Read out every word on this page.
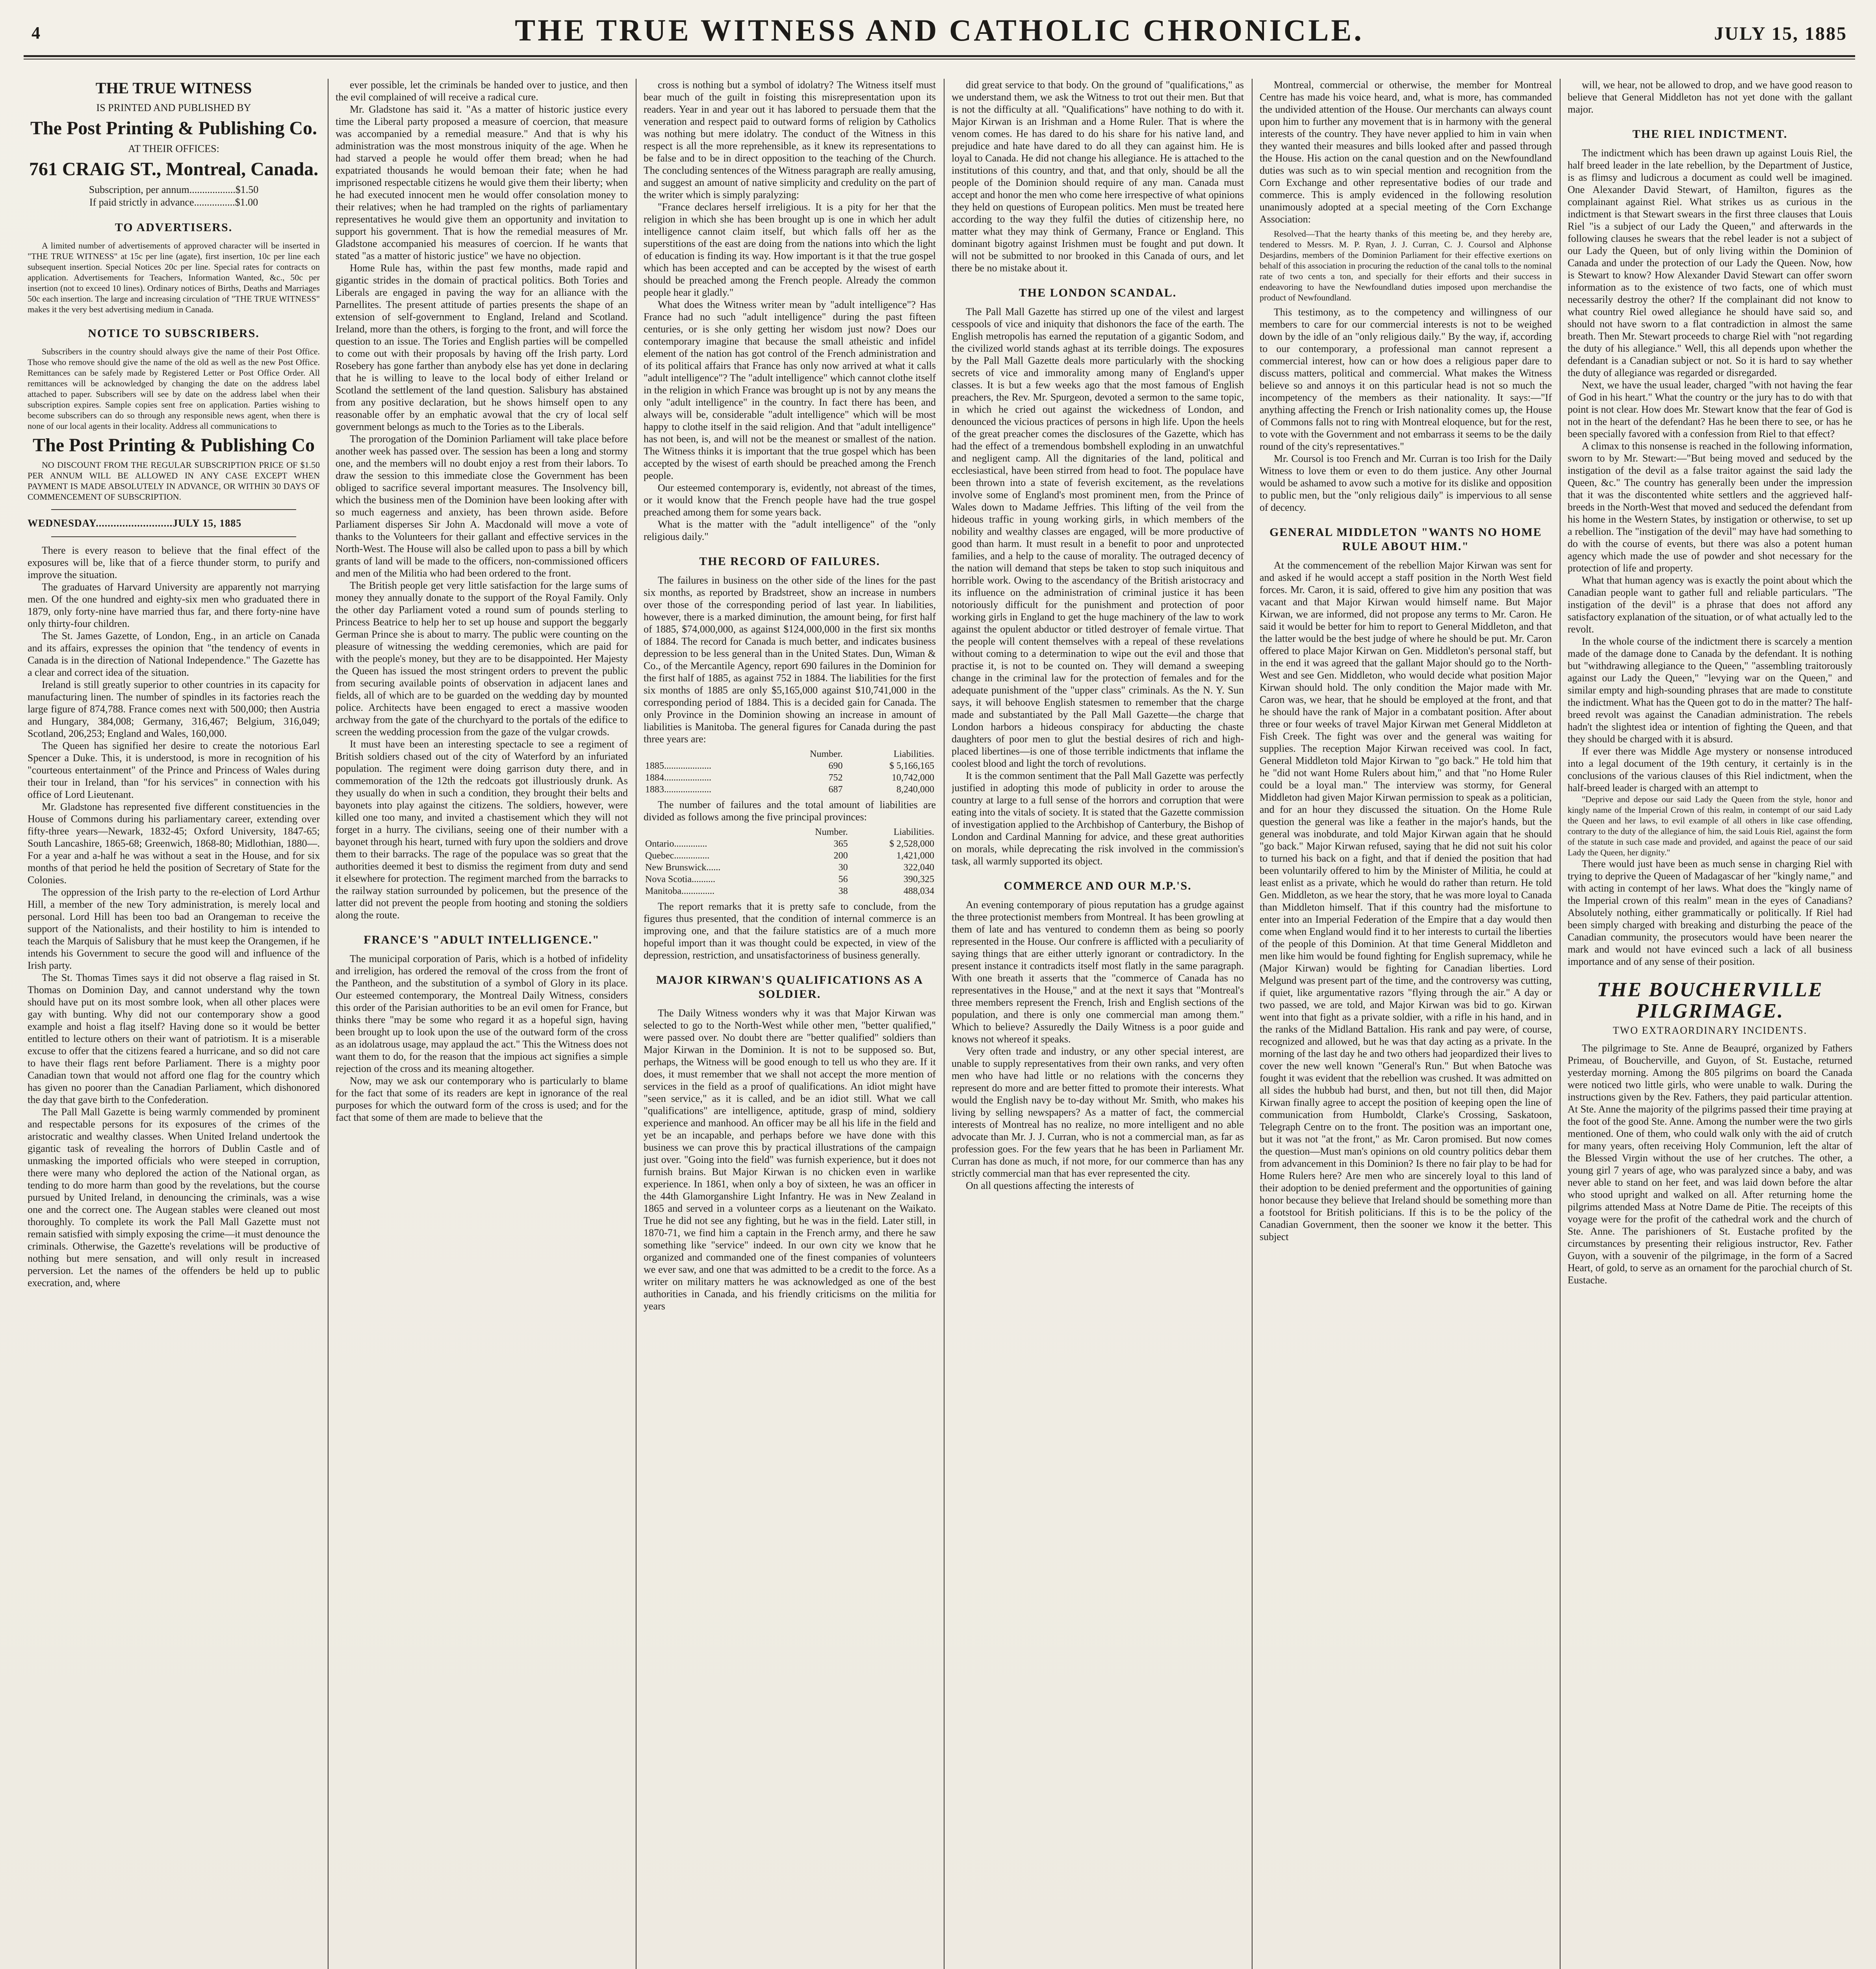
4	THE TRUE WITNESS AND CATHOLIC CHRONICLE.	JULY 15, 1885
THE TRUE WITNESS
IS PRINTED AND PUBLISHED BY
The Post Printing & Publishing Co.
AT THEIR OFFICES:
761 CRAIG ST., Montreal, Canada.
Subscription, per annum..................$1.50
If paid strictly in advance................$1.00
TO ADVERTISERS.

A limited number of advertisements of approved character will be inserted in "THE TRUE WITNESS" at 15c per line (agate), first insertion, 10c per line each subsequent insertion. Special Notices 20c per line. Special rates for contracts on application. Advertisements for Teachers, Information Wanted, &c., 50c per insertion (not to exceed 10 lines). Ordinary notices of Births, Deaths and Marriages 50c each insertion. The large and increasing circulation of "THE TRUE WITNESS" makes it the very best advertising medium in Canada.

NOTICE TO SUBSCRIBERS.

Subscribers in the country should always give the name of their Post Office. Those who remove should give the name of the old as well as the new Post Office. Remittances can be safely made by Registered Letter or Post Office Order. All remittances will be acknowledged by changing the date on the address label attached to paper. Subscribers will see by date on the address label when their subscription expires. Sample copies sent free on application. Parties wishing to become subscribers can do so through any responsible news agent, when there is none of our local agents in their locality. Address all communications to

The Post Printing & Publishing Co

NO DISCOUNT FROM THE REGULAR SUBSCRIPTION PRICE OF $1.50 PER ANNUM WILL BE ALLOWED IN ANY CASE EXCEPT WHEN PAYMENT IS MADE ABSOLUTELY IN ADVANCE, OR WITHIN 30 DAYS OF COMMENCEMENT OF SUBSCRIPTION.

WEDNESDAY..........................JULY 15, 1885

There is every reason to believe that the final effect of the exposures will be, like that of a fierce thunder storm, to purify and improve the situation.

The graduates of Harvard University are apparently not marrying men. Of the one hundred and eighty-six men who graduated there in 1879, only forty-nine have married thus far, and there forty-nine have only thirty-four children.

The St. James Gazette, of London, Eng., in an article on Canada and its affairs, expresses the opinion that "the tendency of events in Canada is in the direction of National Independence." The Gazette has a clear and correct idea of the situation.

Ireland is still greatly superior to other countries in its capacity for manufacturing linen. The number of spindles in its factories reach the large figure of 874,788. France comes next with 500,000; then Austria and Hungary, 384,008; Germany, 316,467; Belgium, 316,049; Scotland, 206,253; England and Wales, 160,000.

The Queen has signified her desire to create the notorious Earl Spencer a Duke. This, it is understood, is more in recognition of his "courteous entertainment" of the Prince and Princess of Wales during their tour in Ireland, than "for his services" in connection with his office of Lord Lieutenant.

Mr. Gladstone has represented five different constituencies in the House of Commons during his parliamentary career, extending over fifty-three years—Newark, 1832-45; Oxford University, 1847-65; South Lancashire, 1865-68; Greenwich, 1868-80; Midlothian, 1880—. For a year and a-half he was without a seat in the House, and for six months of that period he held the position of Secretary of State for the Colonies.

The oppression of the Irish party to the re-election of Lord Arthur Hill, a member of the new Tory administration, is merely local and personal. Lord Hill has been too bad an Orangeman to receive the support of the Nationalists, and their hostility to him is intended to teach the Marquis of Salisbury that he must keep the Orangemen, if he intends his Government to secure the good will and influence of the Irish party.

The St. Thomas Times says it did not observe a flag raised in St. Thomas on Dominion Day, and cannot understand why the town should have put on its most sombre look, when all other places were gay with bunting. Why did not our contemporary show a good example and hoist a flag itself? Having done so it would be better entitled to lecture others on their want of patriotism. It is a miserable excuse to offer that the citizens feared a hurricane, and so did not care to have their flags rent before Parliament. There is a mighty poor Canadian town that would not afford one flag for the country which has given no poorer than the Canadian Parliament, which dishonored the day that gave birth to the Confederation.

The Pall Mall Gazette is being warmly commended by prominent and respectable persons for its exposures of the crimes of the aristocratic and wealthy classes. When United Ireland undertook the gigantic task of revealing the horrors of Dublin Castle and of unmasking the imported officials who were steeped in corruption, there were many who deplored the action of the National organ, as tending to do more harm than good by the revelations, but the course pursued by United Ireland, in denouncing the criminals, was a wise one and the correct one. The Augean stables were cleaned out most thoroughly. To complete its work the Pall Mall Gazette must not remain satisfied with simply exposing the crime—it must denounce the criminals. Otherwise, the Gazette's revelations will be productive of nothing but mere sensation, and will only result in increased perversion. Let the names of the offenders be held up to public execration, and, where

ever possible, let the criminals be handed over to justice, and then the evil complained of will receive a radical cure.

Mr. Gladstone has said it. "As a matter of historic justice every time the Liberal party proposed a measure of coercion, that measure was accompanied by a remedial measure." And that is why his administration was the most monstrous iniquity of the age. When he had starved a people he would offer them bread; when he had expatriated thousands he would bemoan their fate; when he had imprisoned respectable citizens he would give them their liberty; when he had executed innocent men he would offer consolation money to their relatives; when he had trampled on the rights of parliamentary representatives he would give them an opportunity and invitation to support his government. That is how the remedial measures of Mr. Gladstone accompanied his measures of coercion. If he wants that stated "as a matter of historic justice" we have no objection.

Home Rule has, within the past few months, made rapid and gigantic strides in the domain of practical politics. Both Tories and Liberals are engaged in paving the way for an alliance with the Parnellites. The present attitude of parties presents the shape of an extension of self-government to England, Ireland and Scotland. Ireland, more than the others, is forging to the front, and will force the question to an issue. The Tories and English parties will be compelled to come out with their proposals by having off the Irish party. Lord Rosebery has gone farther than anybody else has yet done in declaring that he is willing to leave to the local body of either Ireland or Scotland the settlement of the land question. Salisbury has abstained from any positive declaration, but he shows himself open to any reasonable offer by an emphatic avowal that the cry of local self government belongs as much to the Tories as to the Liberals.

The prorogation of the Dominion Parliament will take place before another week has passed over. The session has been a long and stormy one, and the members will no doubt enjoy a rest from their labors. To draw the session to this immediate close the Government has been obliged to sacrifice several important measures. The Insolvency bill, which the business men of the Dominion have been looking after with so much eagerness and anxiety, has been thrown aside. Before Parliament disperses Sir John A. Macdonald will move a vote of thanks to the Volunteers for their gallant and effective services in the North-West. The House will also be called upon to pass a bill by which grants of land will be made to the officers, non-commissioned officers and men of the Militia who had been ordered to the front.

The British people get very little satisfaction for the large sums of money they annually donate to the support of the Royal Family. Only the other day Parliament voted a round sum of pounds sterling to Princess Beatrice to help her to set up house and support the beggarly German Prince she is about to marry. The public were counting on the pleasure of witnessing the wedding ceremonies, which are paid for with the people's money, but they are to be disappointed. Her Majesty the Queen has issued the most stringent orders to prevent the public from securing available points of observation in adjacent lanes and fields, all of which are to be guarded on the wedding day by mounted police. Architects have been engaged to erect a massive wooden archway from the gate of the churchyard to the portals of the edifice to screen the wedding procession from the gaze of the vulgar crowds.

It must have been an interesting spectacle to see a regiment of British soldiers chased out of the city of Waterford by an infuriated population. The regiment were doing garrison duty there, and in commemoration of the 12th the redcoats got illustriously drunk. As they usually do when in such a condition, they brought their belts and bayonets into play against the citizens. The soldiers, however, were killed one too many, and invited a chastisement which they will not forget in a hurry. The civilians, seeing one of their number with a bayonet through his heart, turned with fury upon the soldiers and drove them to their barracks. The rage of the populace was so great that the authorities deemed it best to dismiss the regiment from duty and send it elsewhere for protection. The regiment marched from the barracks to the railway station surrounded by policemen, but the presence of the latter did not prevent the people from hooting and stoning the soldiers along the route.

FRANCE'S "ADULT INTELLIGENCE."

The municipal corporation of Paris, which is a hotbed of infidelity and irreligion, has ordered the removal of the cross from the front of the Pantheon, and the substitution of a symbol of Glory in its place. Our esteemed contemporary, the Montreal Daily Witness, considers this order of the Parisian authorities to be an evil omen for France, but thinks there "may be some who regard it as a hopeful sign, having been brought up to look upon the use of the outward form of the cross as an idolatrous usage, may applaud the act." This the Witness does not want them to do, for the reason that the impious act signifies a simple rejection of the cross and its meaning altogether.

Now, may we ask our contemporary who is particularly to blame for the fact that some of its readers are kept in ignorance of the real purposes for which the outward form of the cross is used; and for the fact that some of them are made to believe that the

cross is nothing but a symbol of idolatry? The Witness itself must bear much of the guilt in foisting this misrepresentation upon its readers. Year in and year out it has labored to persuade them that the veneration and respect paid to outward forms of religion by Catholics was nothing but mere idolatry. The conduct of the Witness in this respect is all the more reprehensible, as it knew its representations to be false and to be in direct opposition to the teaching of the Church. The concluding sentences of the Witness paragraph are really amusing, and suggest an amount of native simplicity and credulity on the part of the writer which is simply paralyzing:

"France declares herself irreligious. It is a pity for her that the religion in which she has been brought up is one in which her adult intelligence cannot claim itself, but which falls off her as the superstitions of the east are doing from the nations into which the light of education is finding its way. How important is it that the true gospel which has been accepted and can be accepted by the wisest of earth should be preached among the French people. Already the common people hear it gladly."

What does the Witness writer mean by "adult intelligence"? Has France had no such "adult intelligence" during the past fifteen centuries, or is she only getting her wisdom just now? Does our contemporary imagine that because the small atheistic and infidel element of the nation has got control of the French administration and of its political affairs that France has only now arrived at what it calls "adult intelligence"? The "adult intelligence" which cannot clothe itself in the religion in which France was brought up is not by any means the only "adult intelligence" in the country. In fact there has been, and always will be, considerable "adult intelligence" which will be most happy to clothe itself in the said religion. And that "adult intelligence" has not been, is, and will not be the meanest or smallest of the nation. The Witness thinks it is important that the true gospel which has been accepted by the wisest of earth should be preached among the French people.

Our esteemed contemporary is, evidently, not abreast of the times, or it would know that the French people have had the true gospel preached among them for some years back.

What is the matter with the "adult intelligence" of the "only religious daily."

THE RECORD OF FAILURES.

The failures in business on the other side of the lines for the past six months, as reported by Bradstreet, show an increase in numbers over those of the corresponding period of last year. In liabilities, however, there is a marked diminution, the amount being, for first half of 1885, $74,000,000, as against $124,000,000 in the first six months of 1884. The record for Canada is much better, and indicates business depression to be less general than in the United States. Dun, Wiman & Co., of the Mercantile Agency, report 690 failures in the Dominion for the first half of 1885, as against 752 in 1884. The liabilities for the first six months of 1885 are only $5,165,000 against $10,741,000 in the corresponding period of 1884. This is a decided gain for Canada. The only Province in the Dominion showing an increase in amount of liabilities is Manitoba. The general figures for Canada during the past three years are:

	Number.	Liabilities.
1885....................	690	$ 5,166,165
1884....................	752	10,742,000
1883....................	687	8,240,000

The number of failures and the total amount of liabilities are divided as follows among the five principal provinces:

	Number.	Liabilities.
Ontario..............	365	$ 2,528,000
Quebec...............	200	1,421,000
New Brunswick......	30	322,040
Nova Scotia..........	56	390,325
Manitoba..............	38	488,034

The report remarks that it is pretty safe to conclude, from the figures thus presented, that the condition of internal commerce is an improving one, and that the failure statistics are of a much more hopeful import than it was thought could be expected, in view of the depression, restriction, and unsatisfactoriness of business generally.

MAJOR KIRWAN'S QUALIFICATIONS AS A SOLDIER.

The Daily Witness wonders why it was that Major Kirwan was selected to go to the North-West while other men, "better qualified," were passed over. No doubt there are "better qualified" soldiers than Major Kirwan in the Dominion. It is not to be supposed so. But, perhaps, the Witness will be good enough to tell us who they are. If it does, it must remember that we shall not accept the more mention of services in the field as a proof of qualifications. An idiot might have "seen service," as it is called, and be an idiot still. What we call "qualifications" are intelligence, aptitude, grasp of mind, soldiery experience and manhood. An officer may be all his life in the field and yet be an incapable, and perhaps before we have done with this business we can prove this by practical illustrations of the campaign just over. "Going into the field" was furnish experience, but it does not furnish brains. But Major Kirwan is no chicken even in warlike experience. In 1861, when only a boy of sixteen, he was an officer in the 44th Glamorganshire Light Infantry. He was in New Zealand in 1865 and served in a volunteer corps as a lieutenant on the Waikato. True he did not see any fighting, but he was in the field. Later still, in 1870-71, we find him a captain in the French army, and there he saw something like "service" indeed. In our own city we know that he organized and commanded one of the finest companies of volunteers we ever saw, and one that was admitted to be a credit to the force. As a writer on military matters he was acknowledged as one of the best authorities in Canada, and his friendly criticisms on the militia for years

did great service to that body. On the ground of "qualifications," as we understand them, we ask the Witness to trot out their men. But that is not the difficulty at all. "Qualifications" have nothing to do with it. Major Kirwan is an Irishman and a Home Ruler. That is where the venom comes. He has dared to do his share for his native land, and prejudice and hate have dared to do all they can against him. He is loyal to Canada. He did not change his allegiance. He is attached to the institutions of this country, and that, and that only, should be all the people of the Dominion should require of any man. Canada must accept and honor the men who come here irrespective of what opinions they held on questions of European politics. Men must be treated here according to the way they fulfil the duties of citizenship here, no matter what they may think of Germany, France or England. This dominant bigotry against Irishmen must be fought and put down. It will not be submitted to nor brooked in this Canada of ours, and let there be no mistake about it.

THE LONDON SCANDAL.

The Pall Mall Gazette has stirred up one of the vilest and largest cesspools of vice and iniquity that dishonors the face of the earth. The English metropolis has earned the reputation of a gigantic Sodom, and the civilized world stands aghast at its terrible doings. The exposures by the Pall Mall Gazette deals more particularly with the shocking secrets of vice and immorality among many of England's upper classes. It is but a few weeks ago that the most famous of English preachers, the Rev. Mr. Spurgeon, devoted a sermon to the same topic, in which he cried out against the wickedness of London, and denounced the vicious practices of persons in high life. Upon the heels of the great preacher comes the disclosures of the Gazette, which has had the effect of a tremendous bombshell exploding in an unwatchful and negligent camp. All the dignitaries of the land, political and ecclesiastical, have been stirred from head to foot. The populace have been thrown into a state of feverish excitement, as the revelations involve some of England's most prominent men, from the Prince of Wales down to Madame Jeffries. This lifting of the veil from the hideous traffic in young working girls, in which members of the nobility and wealthy classes are engaged, will be more productive of good than harm. It must result in a benefit to poor and unprotected families, and a help to the cause of morality. The outraged decency of the nation will demand that steps be taken to stop such iniquitous and horrible work. Owing to the ascendancy of the British aristocracy and its influence on the administration of criminal justice it has been notoriously difficult for the punishment and protection of poor working girls in England to get the huge machinery of the law to work against the opulent abductor or titled destroyer of female virtue. That the people will content themselves with a repeal of these revelations without coming to a determination to wipe out the evil and those that practise it, is not to be counted on. They will demand a sweeping change in the criminal law for the protection of females and for the adequate punishment of the "upper class" criminals. As the N. Y. Sun says, it will behoove English statesmen to remember that the charge made and substantiated by the Pall Mall Gazette—the charge that London harbors a hideous conspiracy for abducting the chaste daughters of poor men to glut the bestial desires of rich and high-placed libertines—is one of those terrible indictments that inflame the coolest blood and light the torch of revolutions.

It is the common sentiment that the Pall Mall Gazette was perfectly justified in adopting this mode of publicity in order to arouse the country at large to a full sense of the horrors and corruption that were eating into the vitals of society. It is stated that the Gazette commission of investigation applied to the Archbishop of Canterbury, the Bishop of London and Cardinal Manning for advice, and these great authorities on morals, while deprecating the risk involved in the commission's task, all warmly supported its object.

COMMERCE AND OUR M.P.'S.

An evening contemporary of pious reputation has a grudge against the three protectionist members from Montreal. It has been growling at them of late and has ventured to condemn them as being so poorly represented in the House. Our confrere is afflicted with a peculiarity of saying things that are either utterly ignorant or contradictory. In the present instance it contradicts itself most flatly in the same paragraph. With one breath it asserts that the "commerce of Canada has no representatives in the House," and at the next it says that "Montreal's three members represent the French, Irish and English sections of the population, and there is only one commercial man among them." Which to believe? Assuredly the Daily Witness is a poor guide and knows not whereof it speaks.

Very often trade and industry, or any other special interest, are unable to supply representatives from their own ranks, and very often men who have had little or no relations with the concerns they represent do more and are better fitted to promote their interests. What would the English navy be to-day without Mr. Smith, who makes his living by selling newspapers? As a matter of fact, the commercial interests of Montreal has no realize, no more intelligent and no able advocate than Mr. J. J. Curran, who is not a commercial man, as far as profession goes. For the few years that he has been in Parliament Mr. Curran has done as much, if not more, for our commerce than has any strictly commercial man that has ever represented the city.

On all questions affecting the interests of

Montreal, commercial or otherwise, the member for Montreal Centre has made his voice heard, and, what is more, has commanded the undivided attention of the House. Our merchants can always count upon him to further any movement that is in harmony with the general interests of the country. They have never applied to him in vain when they wanted their measures and bills looked after and passed through the House. His action on the canal question and on the Newfoundland duties was such as to win special mention and recognition from the Corn Exchange and other representative bodies of our trade and commerce. This is amply evidenced in the following resolution unanimously adopted at a special meeting of the Corn Exchange Association:

Resolved—That the hearty thanks of this meeting be, and they hereby are, tendered to Messrs. M. P. Ryan, J. J. Curran, C. J. Coursol and Alphonse Desjardins, members of the Dominion Parliament for their effective exertions on behalf of this association in procuring the reduction of the canal tolls to the nominal rate of two cents a ton, and specially for their efforts and their success in endeavoring to have the Newfoundland duties imposed upon merchandise the product of Newfoundland.

This testimony, as to the competency and willingness of our members to care for our commercial interests is not to be weighed down by the idle of an "only religious daily." By the way, if, according to our contemporary, a professional man cannot represent a commercial interest, how can or how does a religious paper dare to discuss matters, political and commercial. What makes the Witness believe so and annoys it on this particular head is not so much the incompetency of the members as their nationality. It says:—"If anything affecting the French or Irish nationality comes up, the House of Commons falls not to ring with Montreal eloquence, but for the rest, to vote with the Government and not embarrass it seems to be the daily round of the city's representatives."

Mr. Coursol is too French and Mr. Curran is too Irish for the Daily Witness to love them or even to do them justice. Any other Journal would be ashamed to avow such a motive for its dislike and opposition to public men, but the "only religious daily" is impervious to all sense of decency.

GENERAL MIDDLETON "WANTS NO HOME RULE ABOUT HIM."

At the commencement of the rebellion Major Kirwan was sent for and asked if he would accept a staff position in the North West field forces. Mr. Caron, it is said, offered to give him any position that was vacant and that Major Kirwan would himself name. But Major Kirwan, we are informed, did not propose any terms to Mr. Caron. He said it would be better for him to report to General Middleton, and that the latter would be the best judge of where he should be put. Mr. Caron offered to place Major Kirwan on Gen. Middleton's personal staff, but in the end it was agreed that the gallant Major should go to the North-West and see Gen. Middleton, who would decide what position Major Kirwan should hold. The only condition the Major made with Mr. Caron was, we hear, that he should be employed at the front, and that he should have the rank of Major in a combatant position. After about three or four weeks of travel Major Kirwan met General Middleton at Fish Creek. The fight was over and the general was waiting for supplies. The reception Major Kirwan received was cool. In fact, General Middleton told Major Kirwan to "go back." He told him that he "did not want Home Rulers about him," and that "no Home Ruler could be a loyal man." The interview was stormy, for General Middleton had given Major Kirwan permission to speak as a politician, and for an hour they discussed the situation. On the Home Rule question the general was like a feather in the major's hands, but the general was inobdurate, and told Major Kirwan again that he should "go back." Major Kirwan refused, saying that he did not suit his color to turned his back on a fight, and that if denied the position that had been voluntarily offered to him by the Minister of Militia, he could at least enlist as a private, which he would do rather than return. He told Gen. Middleton, as we hear the story, that he was more loyal to Canada than Middleton himself. That if this country had the misfortune to enter into an Imperial Federation of the Empire that a day would then come when England would find it to her interests to curtail the liberties of the people of this Dominion. At that time General Middleton and men like him would be found fighting for English supremacy, while he (Major Kirwan) would be fighting for Canadian liberties. Lord Melgund was present part of the time, and the controversy was cutting, if quiet, like argumentative razors "flying through the air." A day or two passed, we are told, and Major Kirwan was bid to go. Kirwan went into that fight as a private soldier, with a rifle in his hand, and in the ranks of the Midland Battalion. His rank and pay were, of course, recognized and allowed, but he was that day acting as a private. In the morning of the last day he and two others had jeopardized their lives to cover the new well known "General's Run." But when Batoche was fought it was evident that the rebellion was crushed. It was admitted on all sides the hubbub had burst, and then, but not till then, did Major Kirwan finally agree to accept the position of keeping open the line of communication from Humboldt, Clarke's Crossing, Saskatoon, Telegraph Centre on to the front. The position was an important one, but it was not "at the front," as Mr. Caron promised. But now comes the question—Must man's opinions on old country politics debar them from advancement in this Dominion? Is there no fair play to be had for Home Rulers here? Are men who are sincerely loyal to this land of their adoption to be denied preferment and the opportunities of gaining honor because they believe that Ireland should be something more than a footstool for British politicians. If this is to be the policy of the Canadian Government, then the sooner we know it the better. This subject

will, we hear, not be allowed to drop, and we have good reason to believe that General Middleton has not yet done with the gallant major.

THE RIEL INDICTMENT.

The indictment which has been drawn up against Louis Riel, the half breed leader in the late rebellion, by the Department of Justice, is as flimsy and ludicrous a document as could well be imagined. One Alexander David Stewart, of Hamilton, figures as the complainant against Riel. What strikes us as curious in the indictment is that Stewart swears in the first three clauses that Louis Riel "is a subject of our Lady the Queen," and afterwards in the following clauses he swears that the rebel leader is not a subject of our Lady the Queen, but of only living within the Dominion of Canada and under the protection of our Lady the Queen. Now, how is Stewart to know? How Alexander David Stewart can offer sworn information as to the existence of two facts, one of which must necessarily destroy the other? If the complainant did not know to what country Riel owed allegiance he should have said so, and should not have sworn to a flat contradiction in almost the same breath. Then Mr. Stewart proceeds to charge Riel with "not regarding the duty of his allegiance." Well, this all depends upon whether the defendant is a Canadian subject or not. So it is hard to say whether the duty of allegiance was regarded or disregarded.

Next, we have the usual leader, charged "with not having the fear of God in his heart." What the country or the jury has to do with that point is not clear. How does Mr. Stewart know that the fear of God is not in the heart of the defendant? Has he been there to see, or has he been specially favored with a confession from Riel to that effect?

A climax to this nonsense is reached in the following information, sworn to by Mr. Stewart:—"But being moved and seduced by the instigation of the devil as a false traitor against the said lady the Queen, &c." The country has generally been under the impression that it was the discontented white settlers and the aggrieved half-breeds in the North-West that moved and seduced the defendant from his home in the Western States, by instigation or otherwise, to set up a rebellion. The "instigation of the devil" may have had something to do with the course of events, but there was also a potent human agency which made the use of powder and shot necessary for the protection of life and property.

What that human agency was is exactly the point about which the Canadian people want to gather full and reliable particulars. "The instigation of the devil" is a phrase that does not afford any satisfactory explanation of the situation, or of what actually led to the revolt.

In the whole course of the indictment there is scarcely a mention made of the damage done to Canada by the defendant. It is nothing but "withdrawing allegiance to the Queen," "assembling traitorously against our Lady the Queen," "levying war on the Queen," and similar empty and high-sounding phrases that are made to constitute the indictment. What has the Queen got to do in the matter? The half-breed revolt was against the Canadian administration. The rebels hadn't the slightest idea or intention of fighting the Queen, and that they should be charged with it is absurd.

If ever there was Middle Age mystery or nonsense introduced into a legal document of the 19th century, it certainly is in the conclusions of the various clauses of this Riel indictment, when the half-breed leader is charged with an attempt to

"Deprive and depose our said Lady the Queen from the style, honor and kingly name of the Imperial Crown of this realm, in contempt of our said Lady the Queen and her laws, to evil example of all others in like case offending, contrary to the duty of the allegiance of him, the said Louis Riel, against the form of the statute in such case made and provided, and against the peace of our said Lady the Queen, her dignity."

There would just have been as much sense in charging Riel with trying to deprive the Queen of Madagascar of her "kingly name," and with acting in contempt of her laws. What does the "kingly name of the Imperial crown of this realm" mean in the eyes of Canadians? Absolutely nothing, either grammatically or politically. If Riel had been simply charged with breaking and disturbing the peace of the Canadian community, the prosecutors would have been nearer the mark and would not have evinced such a lack of all business importance and of any sense of their position.

THE BOUCHERVILLE PILGRIMAGE.
TWO EXTRAORDINARY INCIDENTS.

The pilgrimage to Ste. Anne de Beaupré, organized by Fathers Primeau, of Boucherville, and Guyon, of St. Eustache, returned yesterday morning. Among the 805 pilgrims on board the Canada were noticed two little girls, who were unable to walk. During the instructions given by the Rev. Fathers, they paid particular attention. At Ste. Anne the majority of the pilgrims passed their time praying at the foot of the good Ste. Anne. Among the number were the two girls mentioned. One of them, who could walk only with the aid of crutch for many years, often receiving Holy Communion, left the altar of the Blessed Virgin without the use of her crutches. The other, a young girl 7 years of age, who was paralyzed since a baby, and was never able to stand on her feet, and was laid down before the altar who stood upright and walked on all. After returning home the pilgrims attended Mass at Notre Dame de Pitie. The receipts of this voyage were for the profit of the cathedral work and the church of Ste. Anne. The parishioners of St. Eustache profited by the circumstances by presenting their religious instructor, Rev. Father Guyon, with a souvenir of the pilgrimage, in the form of a Sacred Heart, of gold, to serve as an ornament for the parochial church of St. Eustache.
